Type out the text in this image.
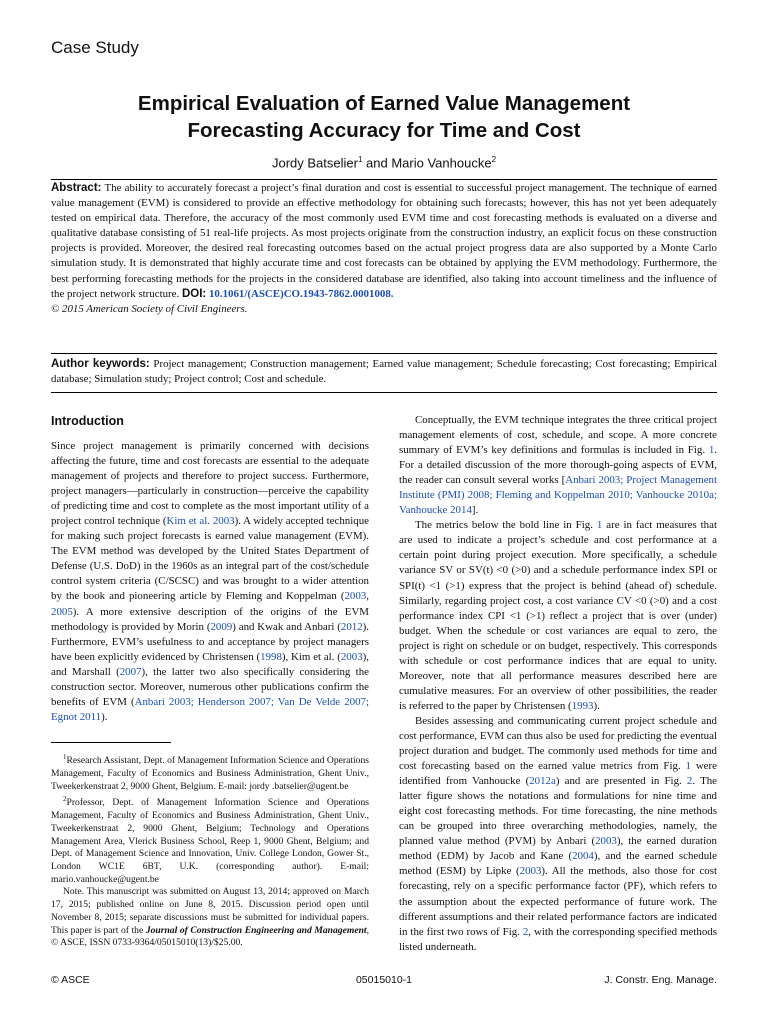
Case Study
Empirical Evaluation of Earned Value Management
Forecasting Accuracy for Time and Cost
Jordy Batselier$^1$ and Mario Vanhoucke$^2$
Abstract: The ability to accurately forecast a project’s final duration and cost is essential to successful project management. The technique of earned value management (EVM) is considered to provide an effective methodology for obtaining such forecasts; however, this has not yet been adequately tested on empirical data. Therefore, the accuracy of the most commonly used EVM time and cost forecasting methods is evaluated on a diverse and qualitative database consisting of 51 real-life projects. As most projects originate from the construction industry, an explicit focus on these construction projects is provided. Moreover, the desired real forecasting outcomes based on the actual project progress data are also supported by a Monte Carlo simulation study. It is demonstrated that highly accurate time and cost forecasts can be obtained by applying the EVM methodology. Furthermore, the best performing forecasting methods for the projects in the considered database are identified, also taking into account timeliness and the influence of the project network structure. DOI: 10.1061/(ASCE)CO.1943-7862.0001008.
© 2015 American Society of Civil Engineers.
Author keywords: Project management; Construction management; Earned value management; Schedule forecasting; Cost forecasting; Empirical database; Simulation study; Project control; Cost and schedule.
Introduction

Since project management is primarily concerned with decisions affecting the future, time and cost forecasts are essential to the adequate management of projects and therefore to project success. Furthermore, project managers—particularly in construction—perceive the capability of predicting time and cost to complete as the most important utility of a project control technique (Kim et al. 2003). A widely accepted technique for making such project forecasts is earned value management (EVM). The EVM method was developed by the United States Department of Defense (U.S. DoD) in the 1960s as an integral part of the cost/schedule control system criteria (C/SCSC) and was brought to a wider attention by the book and pioneering article by Fleming and Koppelman (2003, 2005). A more extensive description of the origins of the EVM methodology is provided by Morin (2009) and Kwak and Anbari (2012). Furthermore, EVM’s usefulness to and acceptance by project managers have been explicitly evidenced by Christensen (1998), Kim et al. (2003), and Marshall (2007), the latter two also specifically considering the construction sector. Moreover, numerous other publications confirm the benefits of EVM (Anbari 2003; Henderson 2007; Van De Velde 2007; Egnot 2011).

$^1$Research Assistant, Dept. of Management Information Science and Operations Management, Faculty of Economics and Business Administration, Ghent Univ., Tweekerkenstraat 2, 9000 Ghent, Belgium. E-mail: jordy .batselier@ugent.be

$^2$Professor, Dept. of Management Information Science and Operations Management, Faculty of Economics and Business Administration, Ghent Univ., Tweekerkenstraat 2, 9000 Ghent, Belgium; Technology and Operations Management Area, Vlerick Business School, Reep 1, 9000 Ghent, Belgium; and Dept. of Management Science and Innovation, Univ. College London, Gower St., London WC1E 6BT, U.K. (corresponding author). E-mail: mario.vanhoucke@ugent.be

Note. This manuscript was submitted on August 13, 2014; approved on March 17, 2015; published online on June 8, 2015. Discussion period open until November 8, 2015; separate discussions must be submitted for individual papers. This paper is part of the Journal of Construction Engineering and Management, © ASCE, ISSN 0733-9364/05015010(13)/$25.00.

Conceptually, the EVM technique integrates the three critical project management elements of cost, schedule, and scope. A more concrete summary of EVM’s key definitions and formulas is included in Fig. 1. For a detailed discussion of the more thorough-going aspects of EVM, the reader can consult several works [Anbari 2003; Project Management Institute (PMI) 2008; Fleming and Koppelman 2010; Vanhoucke 2010a; Vanhoucke 2014].

The metrics below the bold line in Fig. 1 are in fact measures that are used to indicate a project’s schedule and cost performance at a certain point during project execution. More specifically, a schedule variance SV or SV(t) <0 (>0) and a schedule performance index SPI or SPI(t) <1 (>1) express that the project is behind (ahead of) schedule. Similarly, regarding project cost, a cost variance CV <0 (>0) and a cost performance index CPI <1 (>1) reflect a project that is over (under) budget. When the schedule or cost variances are equal to zero, the project is right on schedule or on budget, respectively. This corresponds with schedule or cost performance indices that are equal to unity. Moreover, note that all performance measures described here are cumulative measures. For an overview of other possibilities, the reader is referred to the paper by Christensen (1993).

Besides assessing and communicating current project schedule and cost performance, EVM can thus also be used for predicting the eventual project duration and budget. The commonly used methods for time and cost forecasting based on the earned value metrics from Fig. 1 were identified from Vanhoucke (2012a) and are presented in Fig. 2. The latter figure shows the notations and formulations for nine time and eight cost forecasting methods. For time forecasting, the nine methods can be grouped into three overarching methodologies, namely, the planned value method (PVM) by Anbari (2003), the earned duration method (EDM) by Jacob and Kane (2004), and the earned schedule method (ESM) by Lipke (2003). All the methods, also those for cost forecasting, rely on a specific performance factor (PF), which refers to the assumption about the expected performance of future work. The different assumptions and their related performance factors are indicated in the first two rows of Fig. 2, with the corresponding specified methods listed underneath.

© ASCE	05015010-1	J. Constr. Eng. Manage.
